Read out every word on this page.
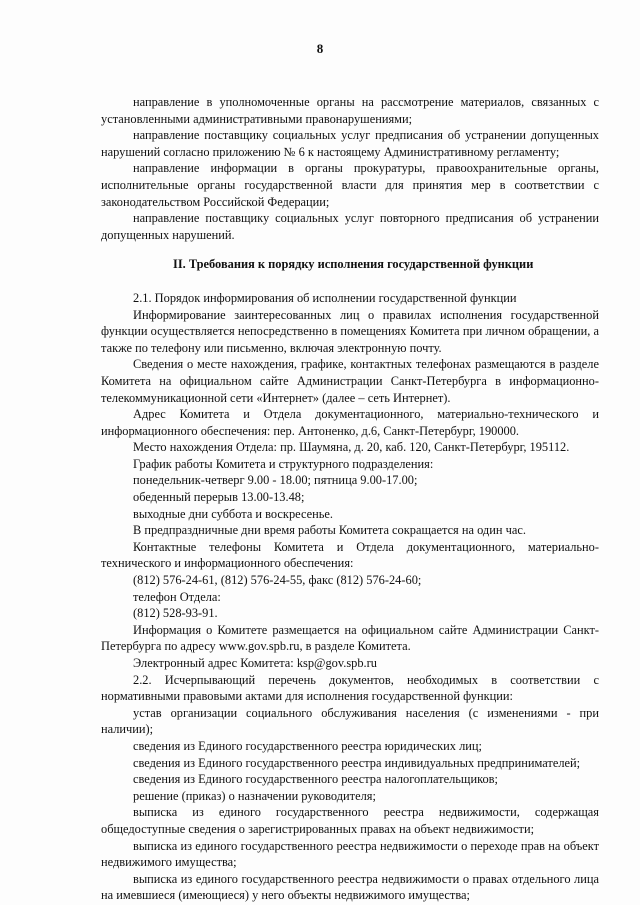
8

направление в уполномоченные органы на рассмотрение материалов, связанных с установленными административными правонарушениями;

направление поставщику социальных услуг предписания об устранении допущенных нарушений согласно приложению № 6 к настоящему Административному регламенту;

направление информации в органы прокуратуры, правоохранительные органы, исполнительные органы государственной власти для принятия мер в соответствии с законодательством Российской Федерации;

направление поставщику социальных услуг повторного предписания об устранении допущенных нарушений.

II. Требования к порядку исполнения государственной функции

2.1. Порядок информирования об исполнении государственной функции

Информирование заинтересованных лиц о правилах исполнения государственной функции осуществляется непосредственно в помещениях Комитета при личном обращении, а также по телефону или письменно, включая электронную почту.

Сведения о месте нахождения, графике, контактных телефонах размещаются в разделе Комитета на официальном сайте Администрации Санкт-Петербурга в информационно-телекоммуникационной сети «Интернет» (далее – сеть Интернет).

Адрес Комитета и Отдела документационного, материально-технического и информационного обеспечения: пер. Антоненко, д.6, Санкт-Петербург, 190000.

Место нахождения Отдела: пр. Шаумяна, д. 20, каб. 120, Санкт-Петербург, 195112.

График работы Комитета и структурного подразделения:

понедельник-четверг 9.00 - 18.00; пятница 9.00-17.00;

обеденный перерыв 13.00-13.48;

выходные дни суббота и воскресенье.

В предпраздничные дни время работы Комитета сокращается на один час.

Контактные телефоны Комитета и Отдела документационного, материально-технического и информационного обеспечения:

(812) 576-24-61, (812) 576-24-55, факс (812) 576-24-60;

телефон Отдела:

(812) 528-93-91.

Информация о Комитете размещается на официальном сайте Администрации Санкт-Петербурга по адресу www.gov.spb.ru, в разделе Комитета.

Электронный адрес Комитета: ksp@gov.spb.ru

2.2. Исчерпывающий перечень документов, необходимых в соответствии с нормативными правовыми актами для исполнения государственной функции:

устав организации социального обслуживания населения (с изменениями - при наличии);

сведения из Единого государственного реестра юридических лиц;

сведения из Единого государственного реестра индивидуальных предпринимателей;

сведения из Единого государственного реестра налогоплательщиков;

решение (приказ) о назначении руководителя;

выписка из единого государственного реестра недвижимости, содержащая общедоступные сведения о зарегистрированных правах на объект недвижимости;

выписка из единого государственного реестра недвижимости о переходе прав на объект недвижимого имущества;

выписка из единого государственного реестра недвижимости о правах отдельного лица на имевшиеся (имеющиеся) у него объекты недвижимого имущества;
